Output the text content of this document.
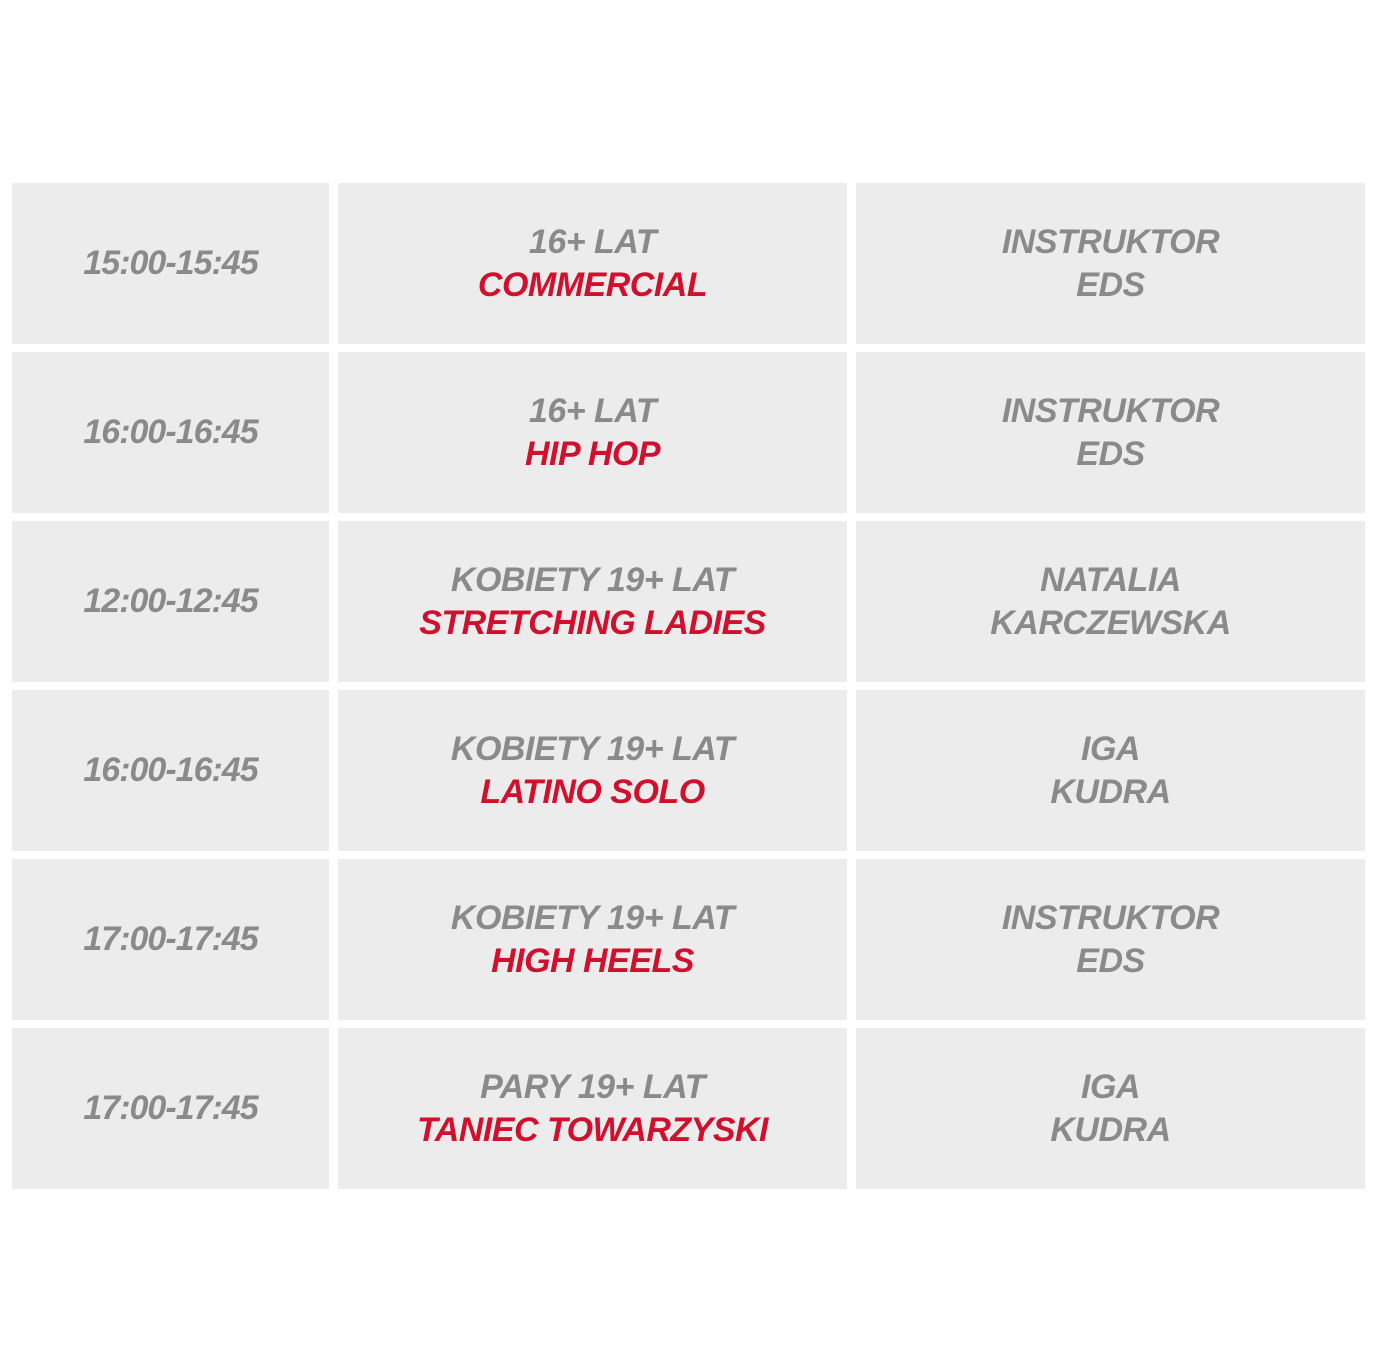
15:00-15:45
16+ LAT
COMMERCIAL
INSTRUKTOR
EDS
16:00-16:45
16+ LAT
HIP HOP
INSTRUKTOR
EDS
12:00-12:45
KOBIETY 19+ LAT
STRETCHING LADIES
NATALIA
KARCZEWSKA
16:00-16:45
KOBIETY 19+ LAT
LATINO SOLO
IGA
KUDRA
17:00-17:45
KOBIETY 19+ LAT
HIGH HEELS
INSTRUKTOR
EDS
17:00-17:45
PARY 19+ LAT
TANIEC TOWARZYSKI
IGA
KUDRA
